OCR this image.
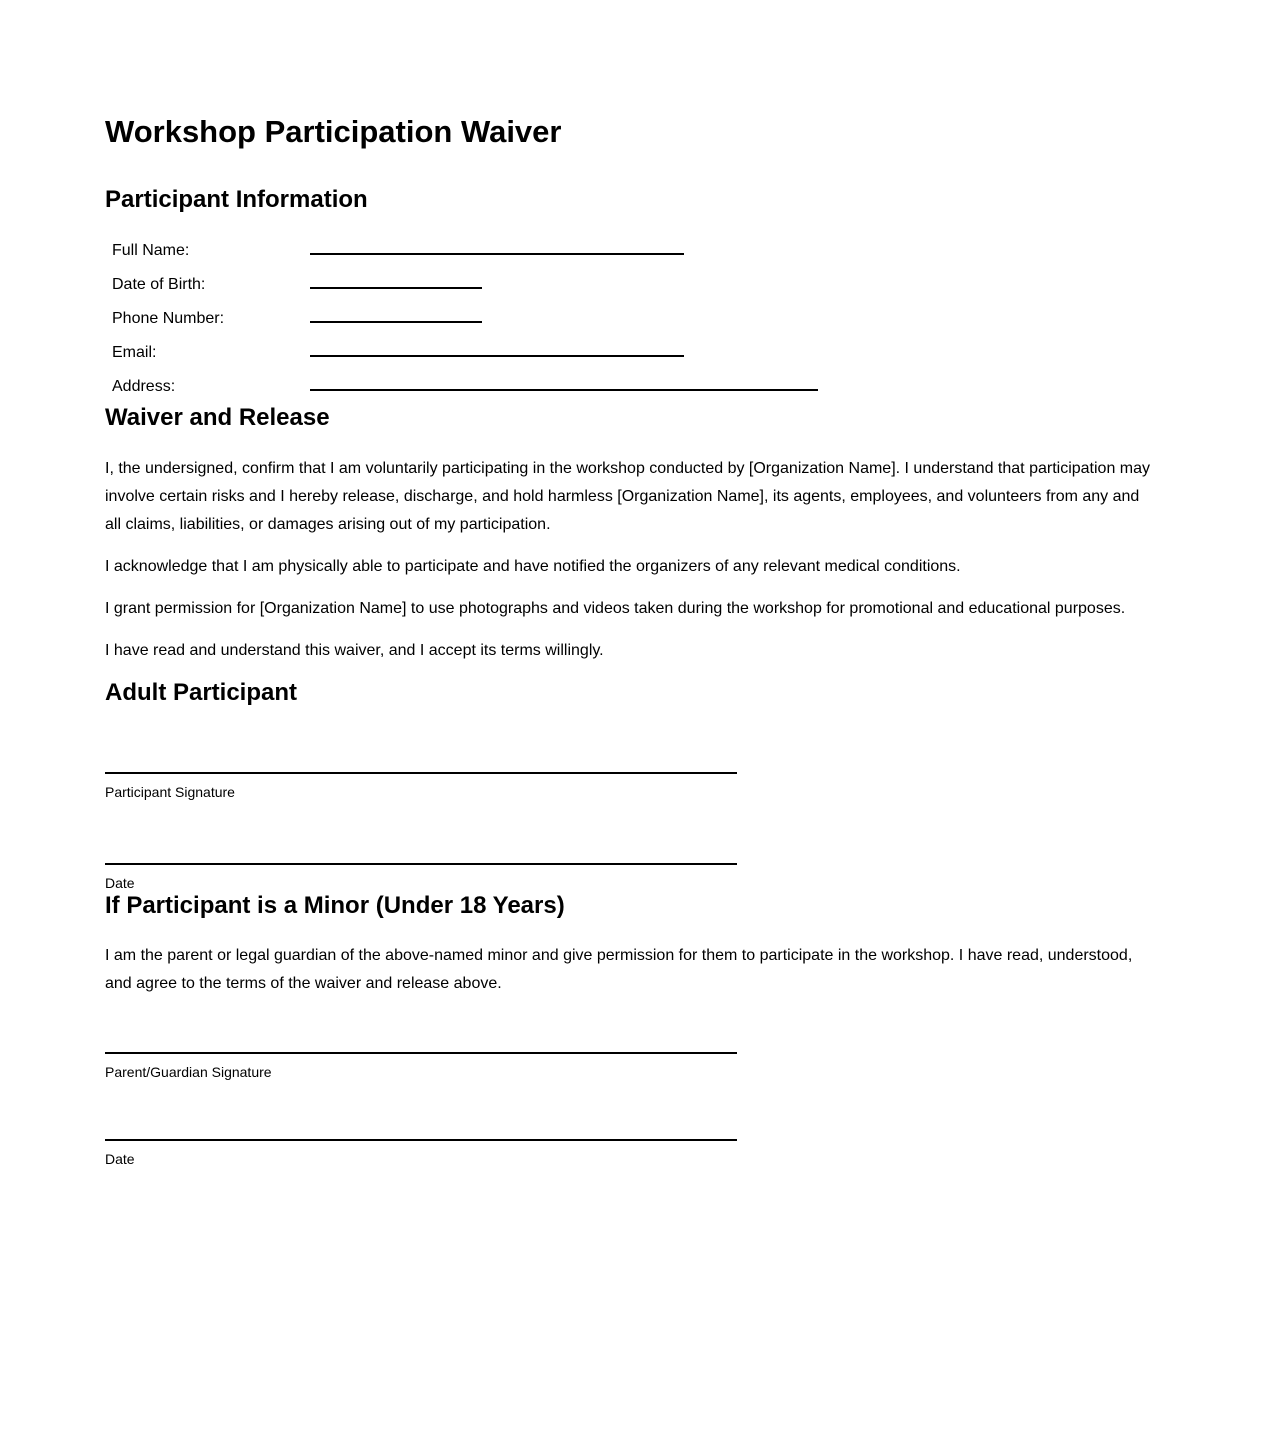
Workshop Participation Waiver
Participant Information
Full Name:
Date of Birth:
Phone Number:
Email:
Address:
Waiver and Release

I, the undersigned, confirm that I am voluntarily participating in the workshop conducted by [Organization Name]. I understand that participation may involve certain risks and I hereby release, discharge, and hold harmless [Organization Name], its agents, employees, and volunteers from any and all claims, liabilities, or damages arising out of my participation.

I acknowledge that I am physically able to participate and have notified the organizers of any relevant medical conditions.

I grant permission for [Organization Name] to use photographs and videos taken during the workshop for promotional and educational purposes.

I have read and understand this waiver, and I accept its terms willingly.

Adult Participant
Participant Signature
Date
If Participant is a Minor (Under 18 Years)

I am the parent or legal guardian of the above-named minor and give permission for them to participate in the workshop. I have read, understood, and agree to the terms of the waiver and release above.

Parent/Guardian Signature
Date
